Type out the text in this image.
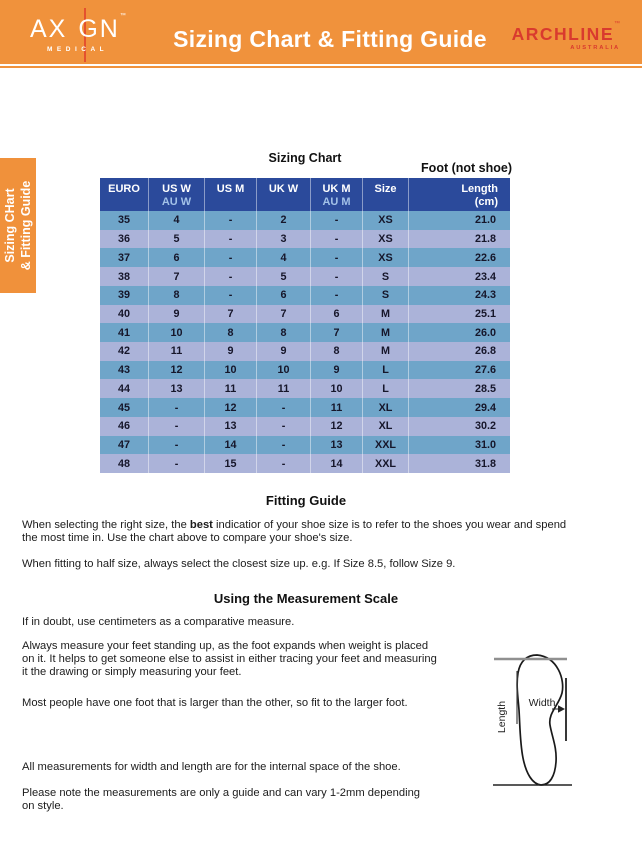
AX GN™
MEDICAL	Sizing Chart & Fitting Guide	ARCHLINE™
AUSTRALIA
Sizing CHart & Fitting Guide
Sizing Chart
Foot (not shoe)
EURO	US W
AU W
US M	UK W	UK M
AU M
Size	Length
(cm)
35	4	-	2	-	XS	21.0
36	5	-	3	-	XS	21.8
37	6	-	4	-	XS	22.6
38	7	-	5	-	S	23.4
39	8	-	6	-	S	24.3
40	9	7	7	6	M	25.1
41	10	8	8	7	M	26.0
42	11	9	9	8	M	26.8
43	12	10	10	9	L	27.6
44	13	11	11	10	L	28.5
45	-	12	-	11	XL	29.4
46	-	13	-	12	XL	30.2
47	-	14	-	13	XXL	31.0
48	-	15	-	14	XXL	31.8
Fitting Guide
When selecting the right size, the best indicatior of your shoe size is to refer to the shoes you wear and spend
the most time in. Use the chart above to compare your shoe's size.
When fitting to half size, always select the closest size up. e.g. If Size 8.5, follow Size 9.
Using the Measurement Scale
If in doubt, use centimeters as a comparative measure.
Always measure your feet standing up, as the foot expands when weight is placed
on it. It helps to get someone else to assist in either tracing your feet and measuring
it the drawing or simply measuring your feet.
Most people have one foot that is larger than the other, so fit to the larger foot.
All measurements for width and length are for the internal space of the shoe.
Please note the measurements are only a guide and can vary 1-2mm depending
on style.
Width
Length
